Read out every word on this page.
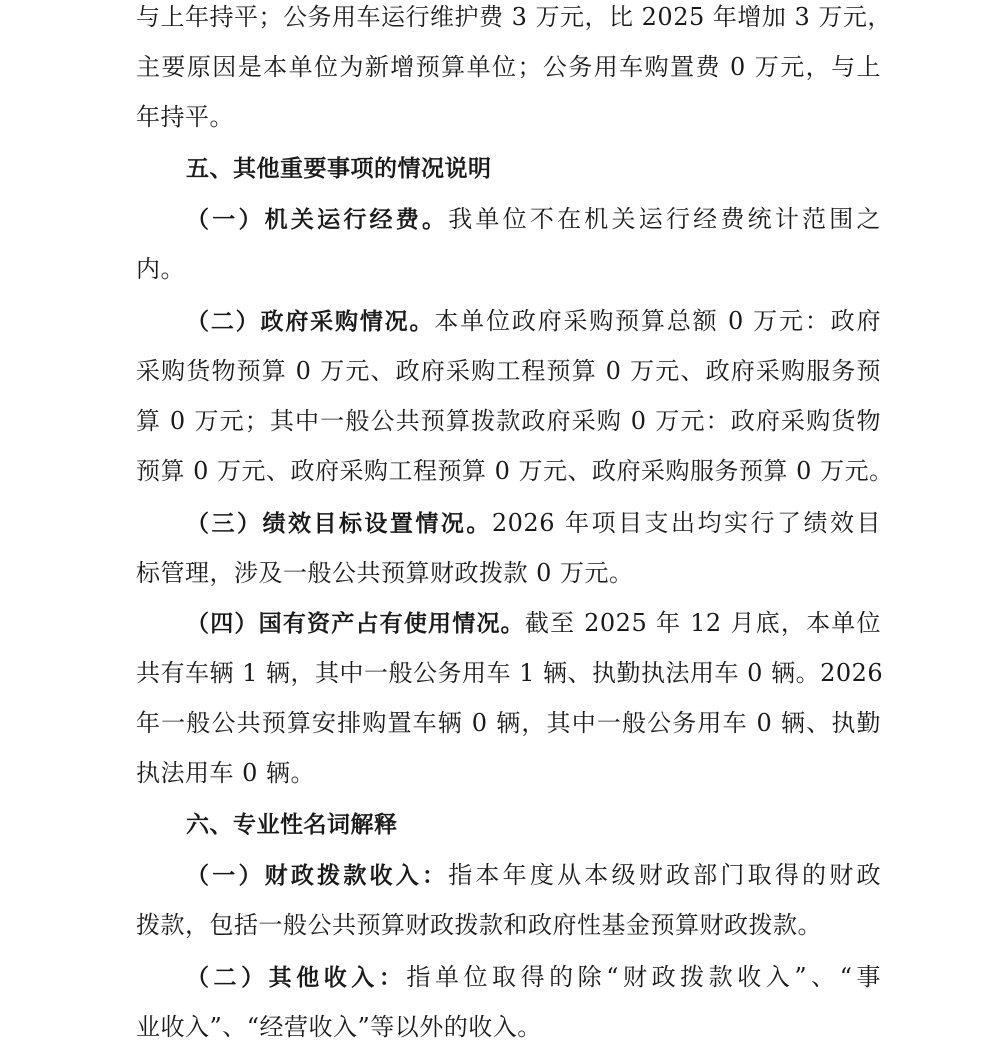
与上年持平；公务用车运行维护费 3 万元，比 2025 年增加 3 万元，
主要原因是本单位为新增预算单位；公务用车购置费 0 万元，与上
年持平。
五、其他重要事项的情况说明
（一）机关运行经费。我单位不在机关运行经费统计范围之
内。
（二）政府采购情况。本单位政府采购预算总额 0 万元：政府
采购货物预算 0 万元、政府采购工程预算 0 万元、政府采购服务预
算 0 万元；其中一般公共预算拨款政府采购 0 万元：政府采购货物
预算 0 万元、政府采购工程预算 0 万元、政府采购服务预算 0 万元。
（三）绩效目标设置情况。2026 年项目支出均实行了绩效目
标管理，涉及一般公共预算财政拨款 0 万元。
（四）国有资产占有使用情况。截至 2025 年 12 月底，本单位
共有车辆 1 辆，其中一般公务用车 1 辆、执勤执法用车 0 辆。2026
年一般公共预算安排购置车辆 0 辆，其中一般公务用车 0 辆、执勤
执法用车 0 辆。
六、专业性名词解释
（一）财政拨款收入：指本年度从本级财政部门取得的财政
拨款，包括一般公共预算财政拨款和政府性基金预算财政拨款。
（二）其他收入：指单位取得的除“财政拨款收入”、“事
业收入”、“经营收入”等以外的收入。
